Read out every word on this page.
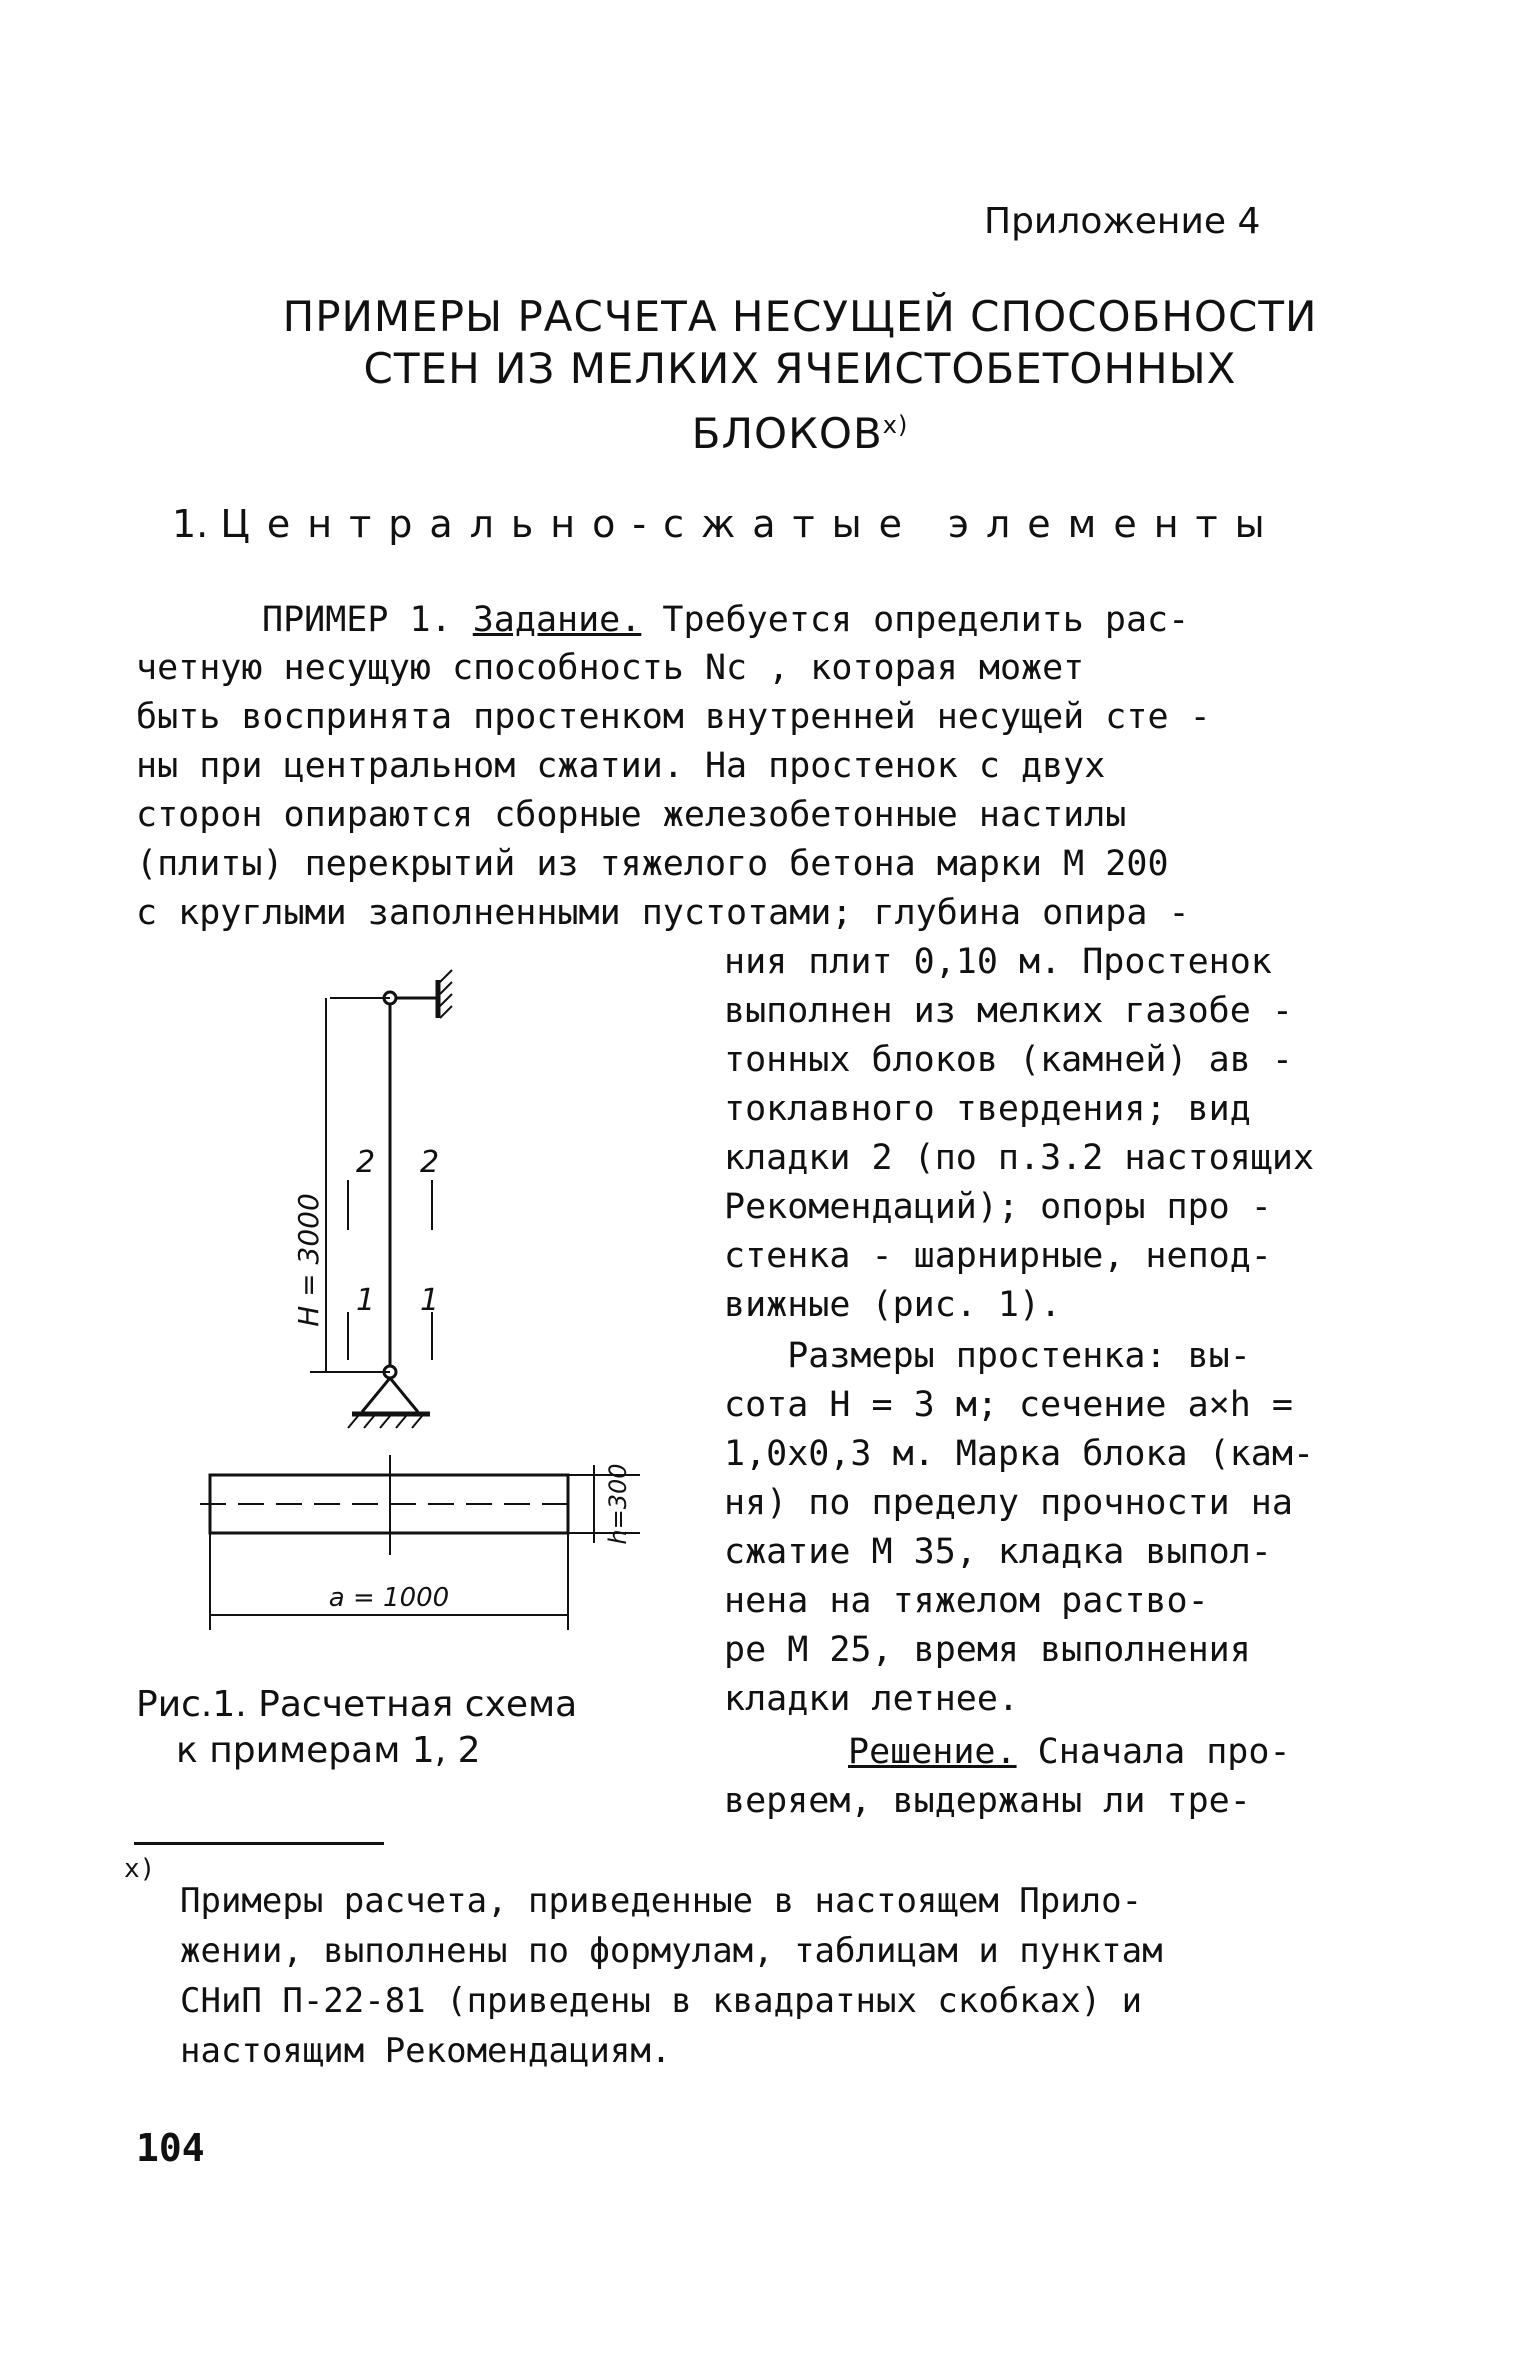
Приложение 4
ПРИМЕРЫ РАСЧЕТА НЕСУЩЕЙ СПОСОБНОСТИ
СТЕН ИЗ МЕЛКИХ ЯЧЕИСТОБЕТОННЫХ
БЛОКОВ$^{x)}$
1. Центрально-сжатые элементы
ПРИМЕР 1. Задание. Требуется определить рас-
четную несущую способность Nc , которая может
быть воспринята простенком внутренней несущей сте -
ны при центральном сжатии. На простенок с двух
сторон опираются сборные железобетонные настилы
(плиты) перекрытий из тяжелого бетона марки М 200
с круглыми заполненными пустотами; глубина опира -
ния плит 0,10 м. Простенок
выполнен из мелких газобе -
тонных блоков (камней) ав -
токлавного твердения; вид
кладки 2 (по п.3.2 настоящих
Рекомендаций); опоры про -
стенка - шарнирные, непод-
вижные (рис. 1).
Размеры простенка: вы-
сота Н = 3 м; сечение a×h =
1,0х0,3 м. Марка блока (кам-
ня) по пределу прочности на
сжатие М 35, кладка выпол-
нена на тяжелом раство-
ре М 25, время выполнения
кладки летнее.
Решение. Сначала про-
веряем, выдержаны ли тре-
H = 3000
2 2
1 1
h=300
a = 1000
Рис.1. Расчетная схема
к примерам 1, 2
x)
Примеры расчета, приведенные в настоящем Прило-
жении, выполнены по формулам, таблицам и пунктам
СНиП П-22-81 (приведены в квадратных скобках) и
настоящим Рекомендациям.
104
